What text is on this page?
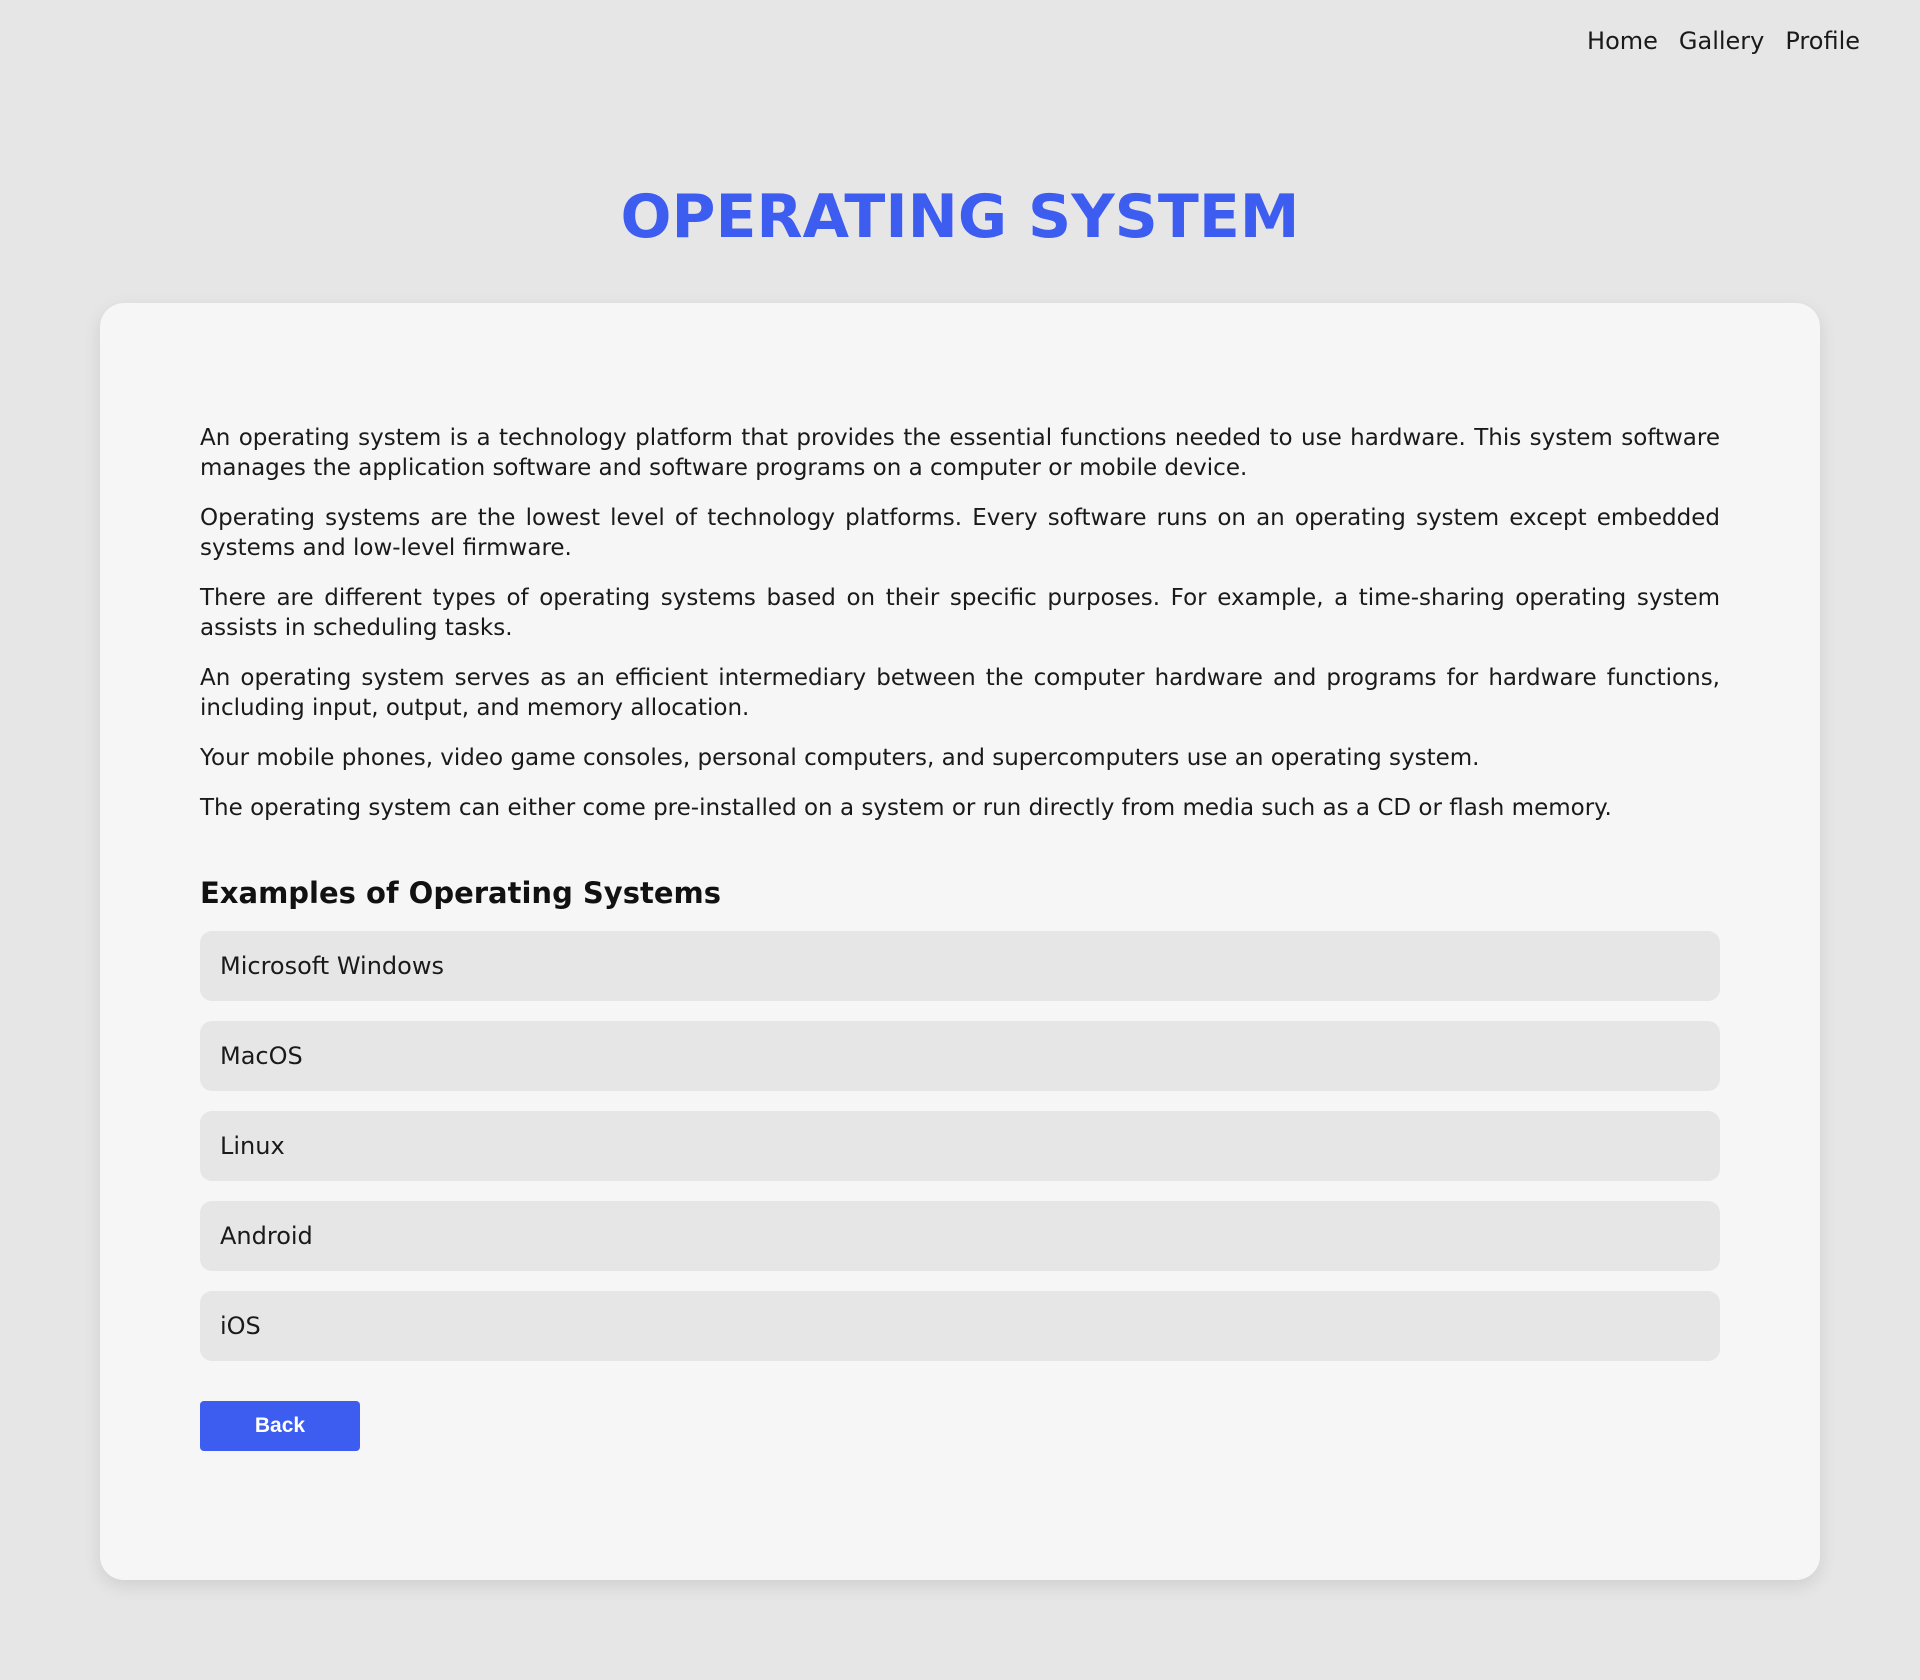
Home Gallery Profile
OPERATING SYSTEM

An operating system is a technology platform that provides the essential functions needed to use hardware. This system software manages the application software and software programs on a computer or mobile device.

Operating systems are the lowest level of technology platforms. Every software runs on an operating system except embedded systems and low-level firmware.

There are different types of operating systems based on their specific purposes. For example, a time-sharing operating system assists in scheduling tasks.

An operating system serves as an efficient intermediary between the computer hardware and programs for hardware functions, including input, output, and memory allocation.

Your mobile phones, video game consoles, personal computers, and supercomputers use an operating system.

The operating system can either come pre-installed on a system or run directly from media such as a CD or flash memory.

Examples of Operating Systems
Microsoft Windows
MacOS
Linux
Android
iOS
Back
